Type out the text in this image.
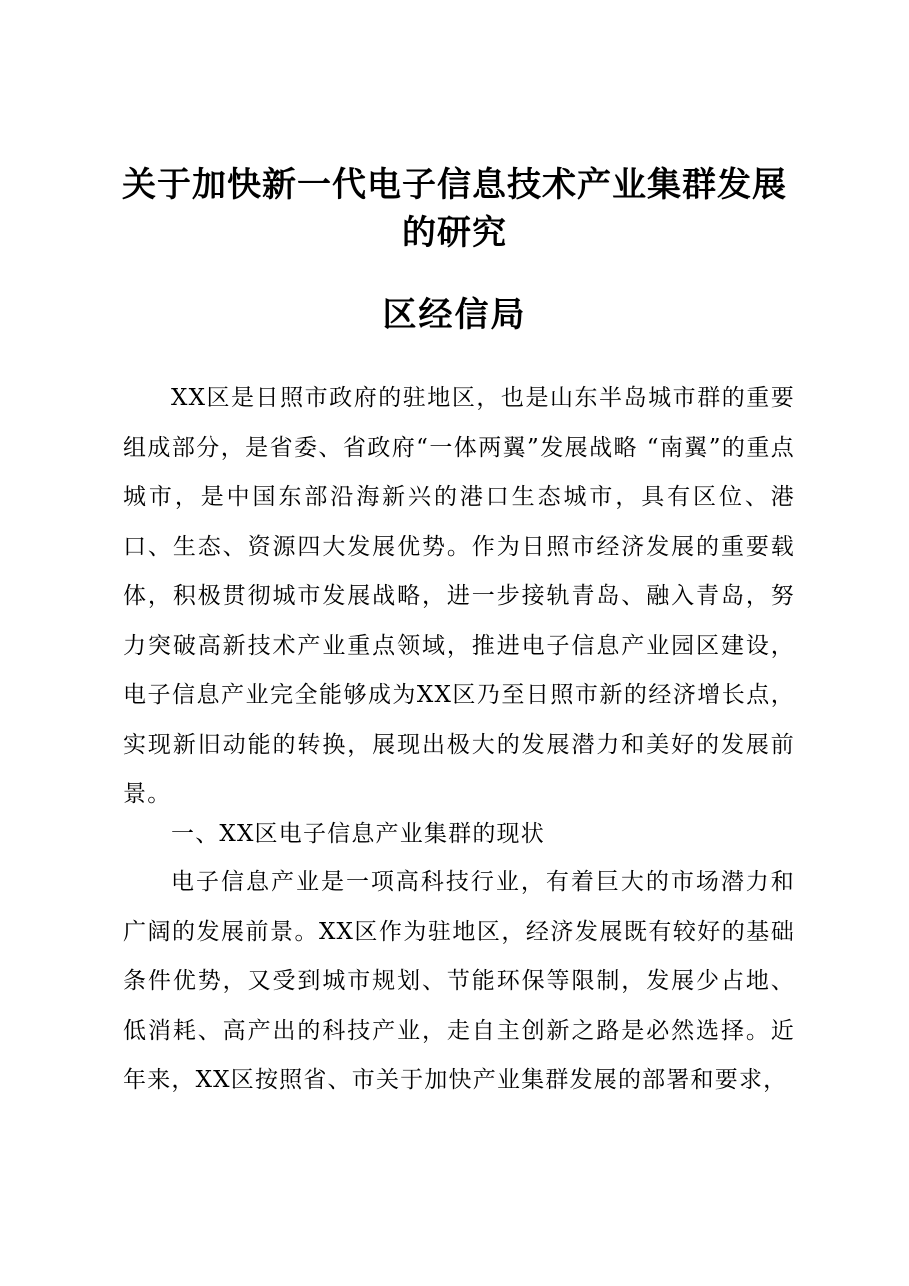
关于加快新一代电子信息技术产业集群发展
的研究
区经信局

XX区是日照市政府的驻地区，也是山东半岛城市群的重要组成部分，是省委、省政府“一体两翼”发展战略 “南翼”的重点城市，是中国东部沿海新兴的港口生态城市，具有区位、港口、生态、资源四大发展优势。作为日照市经济发展的重要载体，积极贯彻城市发展战略，进一步接轨青岛、融入青岛，努力突破高新技术产业重点领域，推进电子信息产业园区建设，电子信息产业完全能够成为XX区乃至日照市新的经济增长点，实现新旧动能的转换，展现出极大的发展潜力和美好的发展前景。

一、XX区电子信息产业集群的现状

电子信息产业是一项高科技行业，有着巨大的市场潜力和广阔的发展前景。XX区作为驻地区，经济发展既有较好的基础条件优势，又受到城市规划、节能环保等限制，发展少占地、低消耗、高产出的科技产业，走自主创新之路是必然选择。近年来，XX区按照省、市关于加快产业集群发展的部署和要求，
